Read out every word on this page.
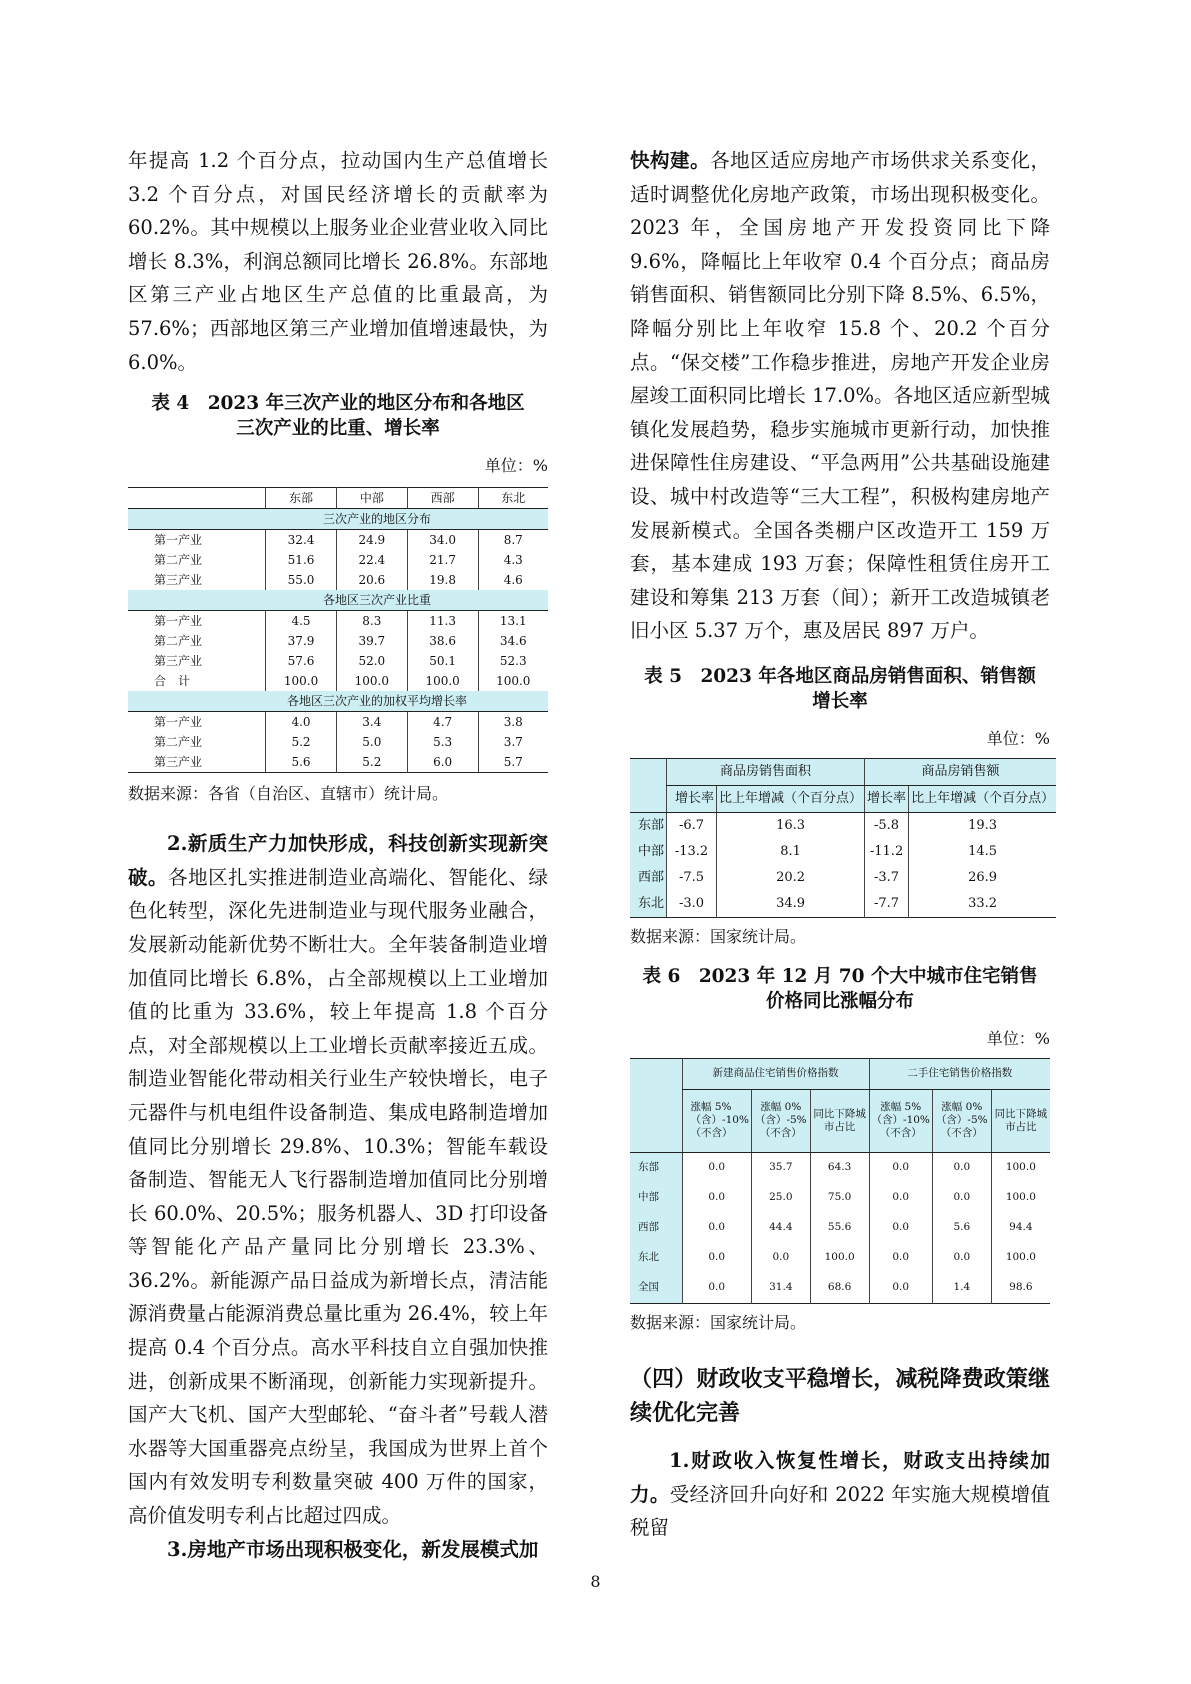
年提高 1.2 个百分点，拉动国内生产总值增长 3.2 个百分点，对国民经济增长的贡献率为 60.2%。其中规模以上服务业企业营业收入同比增长 8.3%，利润总额同比增长 26.8%。东部地区第三产业占地区生产总值的比重最高，为 57.6%；西部地区第三产业增加值增速最快，为 6.0%。

表 4　2023 年三次产业的地区分布和各地区
三次产业的比重、增长率
单位：%
	东部	中部	西部	东北
三次产业的地区分布				
第一产业	32.4	24.9	34.0	8.7
第二产业	51.6	22.4	21.7	4.3
第三产业	55.0	20.6	19.8	4.6
各地区三次产业比重				
第一产业	4.5	8.3	11.3	13.1
第二产业	37.9	39.7	38.6	34.6
第三产业	57.6	52.0	50.1	52.3
合　计	100.0	100.0	100.0	100.0
各地区三次产业的加权平均增长率				
第一产业	4.0	3.4	4.7	3.8
第二产业	5.2	5.0	5.3	3.7
第三产业	5.6	5.2	6.0	5.7
数据来源：各省（自治区、直辖市）统计局。

2.新质生产力加快形成，科技创新实现新突破。各地区扎实推进制造业高端化、智能化、绿色化转型，深化先进制造业与现代服务业融合，发展新动能新优势不断壮大。全年装备制造业增加值同比增长 6.8%，占全部规模以上工业增加值的比重为 33.6%，较上年提高 1.8 个百分点，对全部规模以上工业增长贡献率接近五成。制造业智能化带动相关行业生产较快增长，电子元器件与机电组件设备制造、集成电路制造增加值同比分别增长 29.8%、10.3%；智能车载设备制造、智能无人飞行器制造增加值同比分别增长 60.0%、20.5%；服务机器人、3D 打印设备等智能化产品产量同比分别增长 23.3%、36.2%。新能源产品日益成为新增长点，清洁能源消费量占能源消费总量比重为 26.4%，较上年提高 0.4 个百分点。高水平科技自立自强加快推进，创新成果不断涌现，创新能力实现新提升。国产大飞机、国产大型邮轮、“奋斗者”号载人潜水器等大国重器亮点纷呈，我国成为世界上首个国内有效发明专利数量突破 400 万件的国家，高价值发明专利占比超过四成。

3.房地产市场出现积极变化，新发展模式加

快构建。各地区适应房地产市场供求关系变化，适时调整优化房地产政策，市场出现积极变化。2023 年，全国房地产开发投资同比下降 9.6%，降幅比上年收窄 0.4 个百分点；商品房销售面积、销售额同比分别下降 8.5%、6.5%，降幅分别比上年收窄 15.8 个、20.2 个百分点。“保交楼”工作稳步推进，房地产开发企业房屋竣工面积同比增长 17.0%。各地区适应新型城镇化发展趋势，稳步实施城市更新行动，加快推进保障性住房建设、“平急两用”公共基础设施建设、城中村改造等“三大工程”，积极构建房地产发展新模式。全国各类棚户区改造开工 159 万套，基本建成 193 万套；保障性租赁住房开工建设和筹集 213 万套（间）；新开工改造城镇老旧小区 5.37 万个，惠及居民 897 万户。

表 5　2023 年各地区商品房销售面积、销售额
增长率
单位：%
	商品房销售面积		商品房销售额	
	增长率	比上年增减（个百分点）	增长率	比上年增减（个百分点）
东部	-6.7	16.3	-5.8	19.3
中部	-13.2	8.1	-11.2	14.5
西部	-7.5	20.2	-3.7	26.9
东北	-3.0	34.9	-7.7	33.2
数据来源：国家统计局。
表 6　2023 年 12 月 70 个大中城市住宅销售
价格同比涨幅分布
单位：%
	新建商品住宅销售价格指数			二手住宅销售价格指数		
	涨幅 5%（含）-10%（不含）	涨幅 0%（含）-5%（不含）	同比下降城市占比	涨幅 5%（含）-10%（不含）	涨幅 0%（含）-5%（不含）	同比下降城市占比
东部	0.0	35.7	64.3	0.0	0.0	100.0
中部	0.0	25.0	75.0	0.0	0.0	100.0
西部	0.0	44.4	55.6	0.0	5.6	94.4
东北	0.0	0.0	100.0	0.0	0.0	100.0
全国	0.0	31.4	68.6	0.0	1.4	98.6
数据来源：国家统计局。

（四）财政收支平稳增长，减税降费政策继续优化完善

1.财政收入恢复性增长，财政支出持续加力。受经济回升向好和 2022 年实施大规模增值税留

8
